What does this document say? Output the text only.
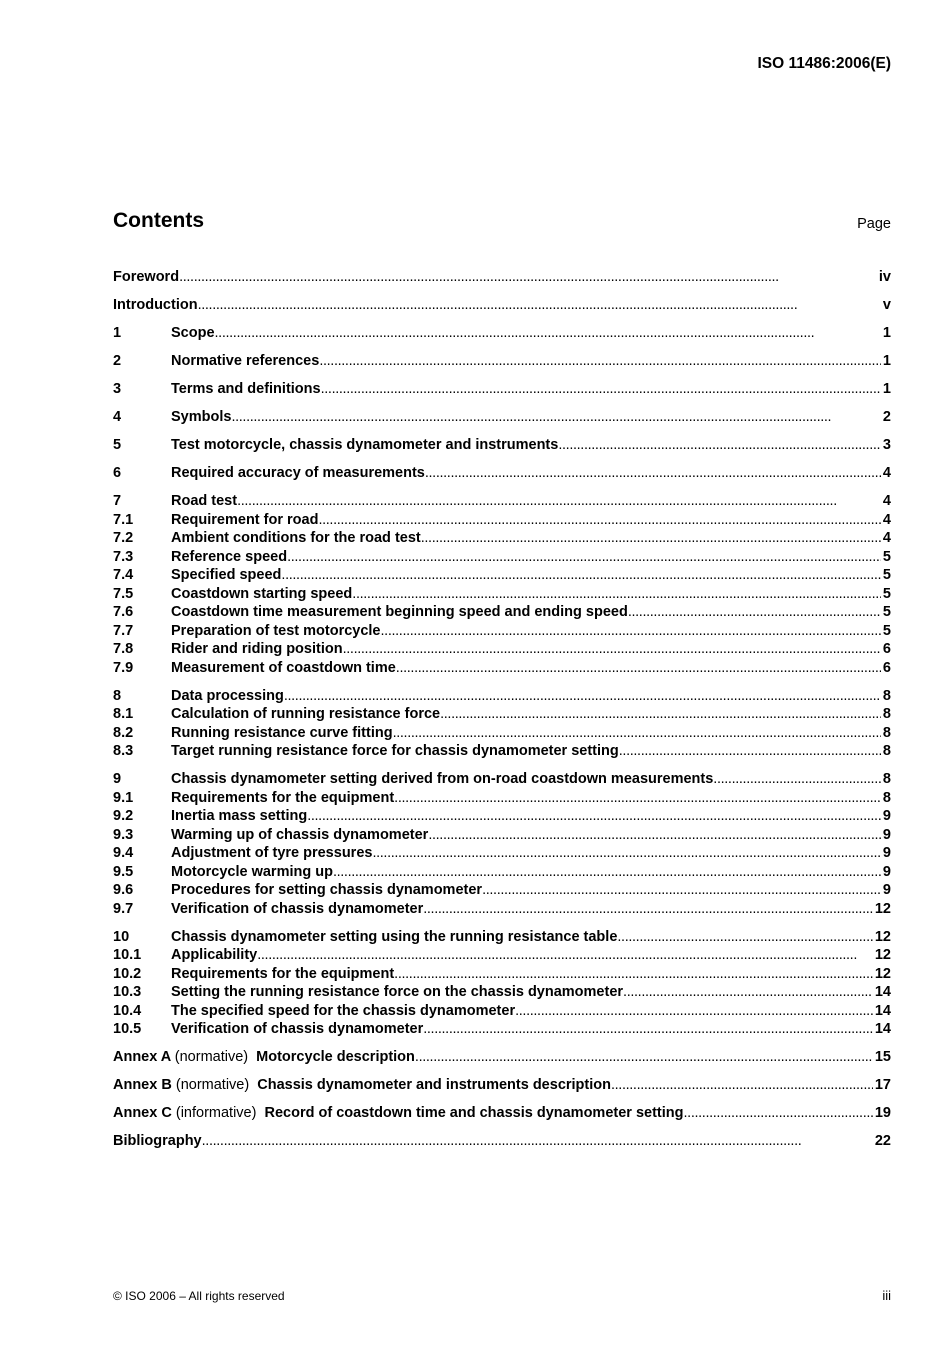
ISO 11486:2006(E)
Contents	Page
Foreword . . .	iv
Introduction . . .	v
1	Scope . . .	1
2	Normative references . . .	1
3	Terms and definitions . . .	1
4	Symbols . . .	2
5	Test motorcycle, chassis dynamometer and instruments . . .	3
6	Required accuracy of measurements . . .	4
7	Road test . . .	4
7.1	Requirement for road . . .	4
7.2	Ambient conditions for the road test . . .	4
7.3	Reference speed . . .	5
7.4	Specified speed . . .	5
7.5	Coastdown starting speed . . .	5
7.6	Coastdown time measurement beginning speed and ending speed . . .	5
7.7	Preparation of test motorcycle . . .	5
7.8	Rider and riding position . . .	6
7.9	Measurement of coastdown time . . .	6
8	Data processing . . .	8
8.1	Calculation of running resistance force . . .	8
8.2	Running resistance curve fitting . . .	8
8.3	Target running resistance force for chassis dynamometer setting . . .	8
9	Chassis dynamometer setting derived from on-road coastdown measurements . . .	8
9.1	Requirements for the equipment . . .	8
9.2	Inertia mass setting . . .	9
9.3	Warming up of chassis dynamometer . . .	9
9.4	Adjustment of tyre pressures . . .	9
9.5	Motorcycle warming up . . .	9
9.6	Procedures for setting chassis dynamometer . . .	9
9.7	Verification of chassis dynamometer . . .	12
10	Chassis dynamometer setting using the running resistance table . . .	12
10.1	Applicability . . .	12
10.2	Requirements for the equipment . . .	12
10.3	Setting the running resistance force on the chassis dynamometer . . .	14
10.4	The specified speed for the chassis dynamometer . . .	14
10.5	Verification of chassis dynamometer . . .	14
Annex A (normative) Motorcycle description . . .	15
Annex B (normative) Chassis dynamometer and instruments description . . .	17
Annex C (informative) Record of coastdown time and chassis dynamometer setting . . .	19
Bibliography . . .	22
© ISO 2006 – All rights reserved	iii
